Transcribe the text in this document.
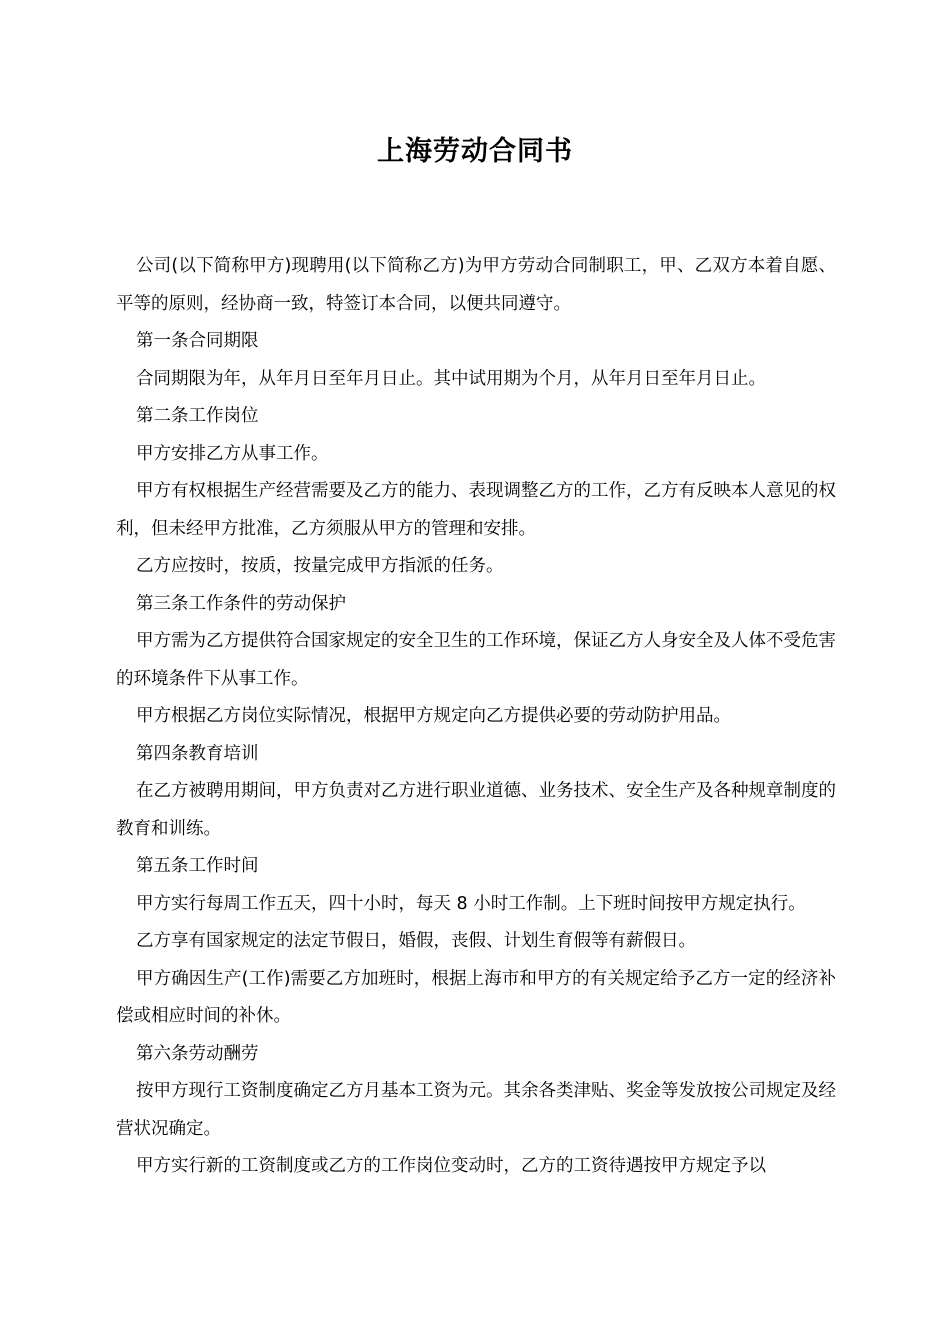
上海劳动合同书

公司(以下简称甲方)现聘用(以下简称乙方)为甲方劳动合同制职工，甲、乙双方本着自愿、平等的原则，经协商一致，特签订本合同，以便共同遵守。

第一条合同期限

合同期限为年，从年月日至年月日止。其中试用期为个月，从年月日至年月日止。

第二条工作岗位

甲方安排乙方从事工作。

甲方有权根据生产经营需要及乙方的能力、表现调整乙方的工作，乙方有反映本人意见的权利，但未经甲方批准，乙方须服从甲方的管理和安排。

乙方应按时，按质，按量完成甲方指派的任务。

第三条工作条件的劳动保护

甲方需为乙方提供符合国家规定的安全卫生的工作环境，保证乙方人身安全及人体不受危害的环境条件下从事工作。

甲方根据乙方岗位实际情况，根据甲方规定向乙方提供必要的劳动防护用品。

第四条教育培训

在乙方被聘用期间，甲方负责对乙方进行职业道德、业务技术、安全生产及各种规章制度的教育和训练。

第五条工作时间

甲方实行每周工作五天，四十小时，每天 8 小时工作制。上下班时间按甲方规定执行。

乙方享有国家规定的法定节假日，婚假，丧假、计划生育假等有薪假日。

甲方确因生产(工作)需要乙方加班时，根据上海市和甲方的有关规定给予乙方一定的经济补偿或相应时间的补休。

第六条劳动酬劳

按甲方现行工资制度确定乙方月基本工资为元。其余各类津贴、奖金等发放按公司规定及经营状况确定。

甲方实行新的工资制度或乙方的工作岗位变动时，乙方的工资待遇按甲方规定予以
